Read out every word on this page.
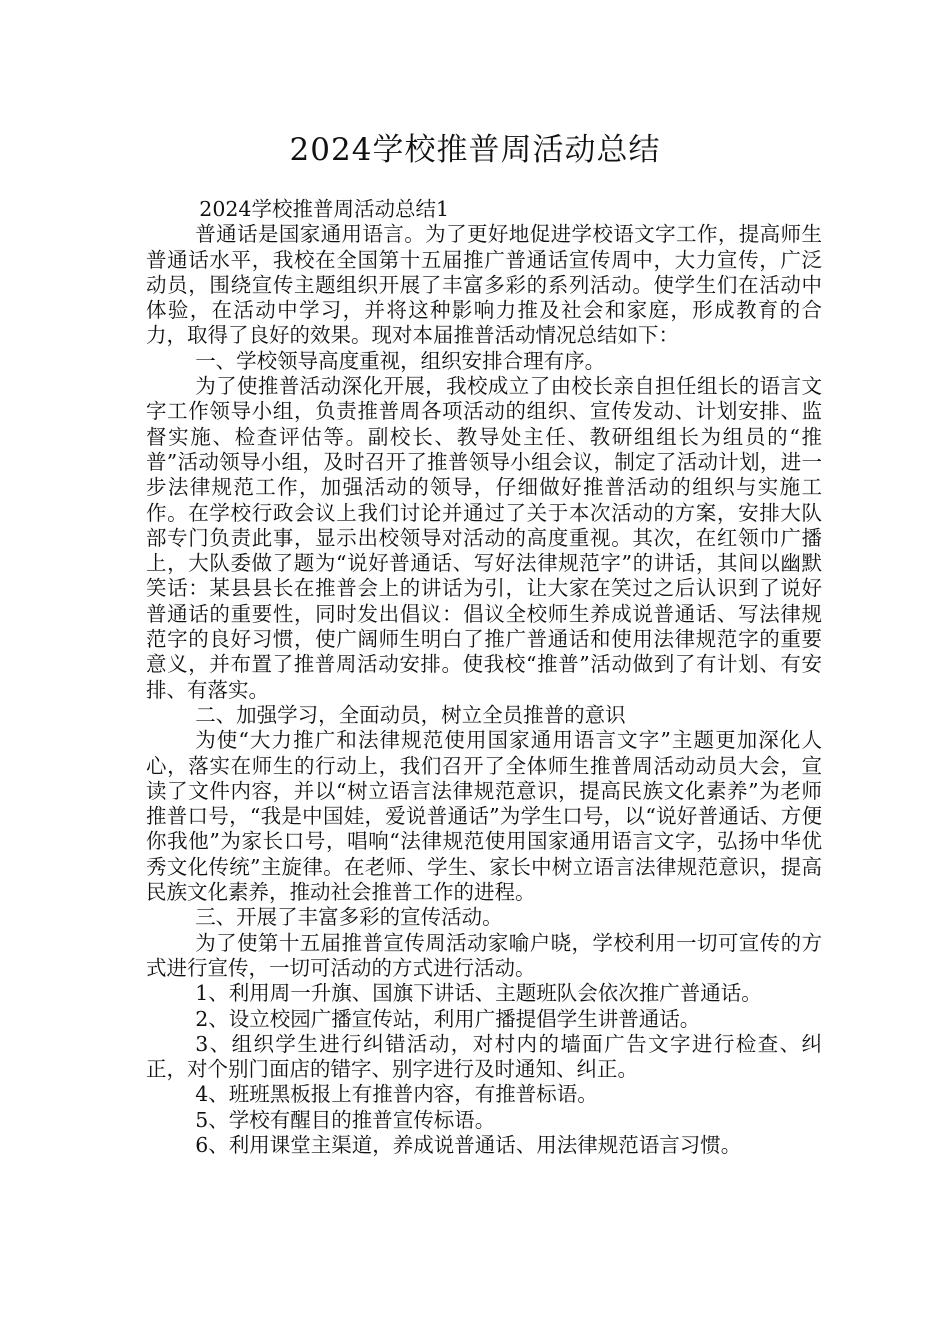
2024学校推普周活动总结

2024学校推普周活动总结1

普通话是国家通用语言。为了更好地促进学校语文字工作，提高师生普通话水平，我校在全国第十五届推广普通话宣传周中，大力宣传，广泛动员，围绕宣传主题组织开展了丰富多彩的系列活动。使学生们在活动中体验，在活动中学习，并将这种影响力推及社会和家庭，形成教育的合力，取得了良好的效果。现对本届推普活动情况总结如下：

一、学校领导高度重视，组织安排合理有序。

为了使推普活动深化开展，我校成立了由校长亲自担任组长的语言文字工作领导小组，负责推普周各项活动的组织、宣传发动、计划安排、监督实施、检查评估等。副校长、教导处主任、教研组组长为组员的“推普”活动领导小组，及时召开了推普领导小组会议，制定了活动计划，进一步法律规范工作，加强活动的领导，仔细做好推普活动的组织与实施工作。在学校行政会议上我们讨论并通过了关于本次活动的方案，安排大队部专门负责此事，显示出校领导对活动的高度重视。其次，在红领巾广播上，大队委做了题为“说好普通话、写好法律规范字”的讲话，其间以幽默笑话：某县县长在推普会上的讲话为引，让大家在笑过之后认识到了说好普通话的重要性，同时发出倡议：倡议全校师生养成说普通话、写法律规范字的良好习惯，使广阔师生明白了推广普通话和使用法律规范字的重要意义，并布置了推普周活动安排。使我校“推普”活动做到了有计划、有安排、有落实。

二、加强学习，全面动员，树立全员推普的意识

为使“大力推广和法律规范使用国家通用语言文字”主题更加深化人心，落实在师生的行动上，我们召开了全体师生推普周活动动员大会，宣读了文件内容，并以“树立语言法律规范意识，提高民族文化素养”为老师推普口号，“我是中国娃，爱说普通话”为学生口号，以“说好普通话、方便你我他”为家长口号，唱响“法律规范使用国家通用语言文字，弘扬中华优秀文化传统”主旋律。在老师、学生、家长中树立语言法律规范意识，提高民族文化素养，推动社会推普工作的进程。

三、开展了丰富多彩的宣传活动。

为了使第十五届推普宣传周活动家喻户晓，学校利用一切可宣传的方式进行宣传，一切可活动的方式进行活动。

1、利用周一升旗、国旗下讲话、主题班队会依次推广普通话。

2、设立校园广播宣传站，利用广播提倡学生讲普通话。

3、组织学生进行纠错活动，对村内的墙面广告文字进行检查、纠正，对个别门面店的错字、别字进行及时通知、纠正。

4、班班黑板报上有推普内容，有推普标语。

5、学校有醒目的推普宣传标语。

6、利用课堂主渠道，养成说普通话、用法律规范语言习惯。
